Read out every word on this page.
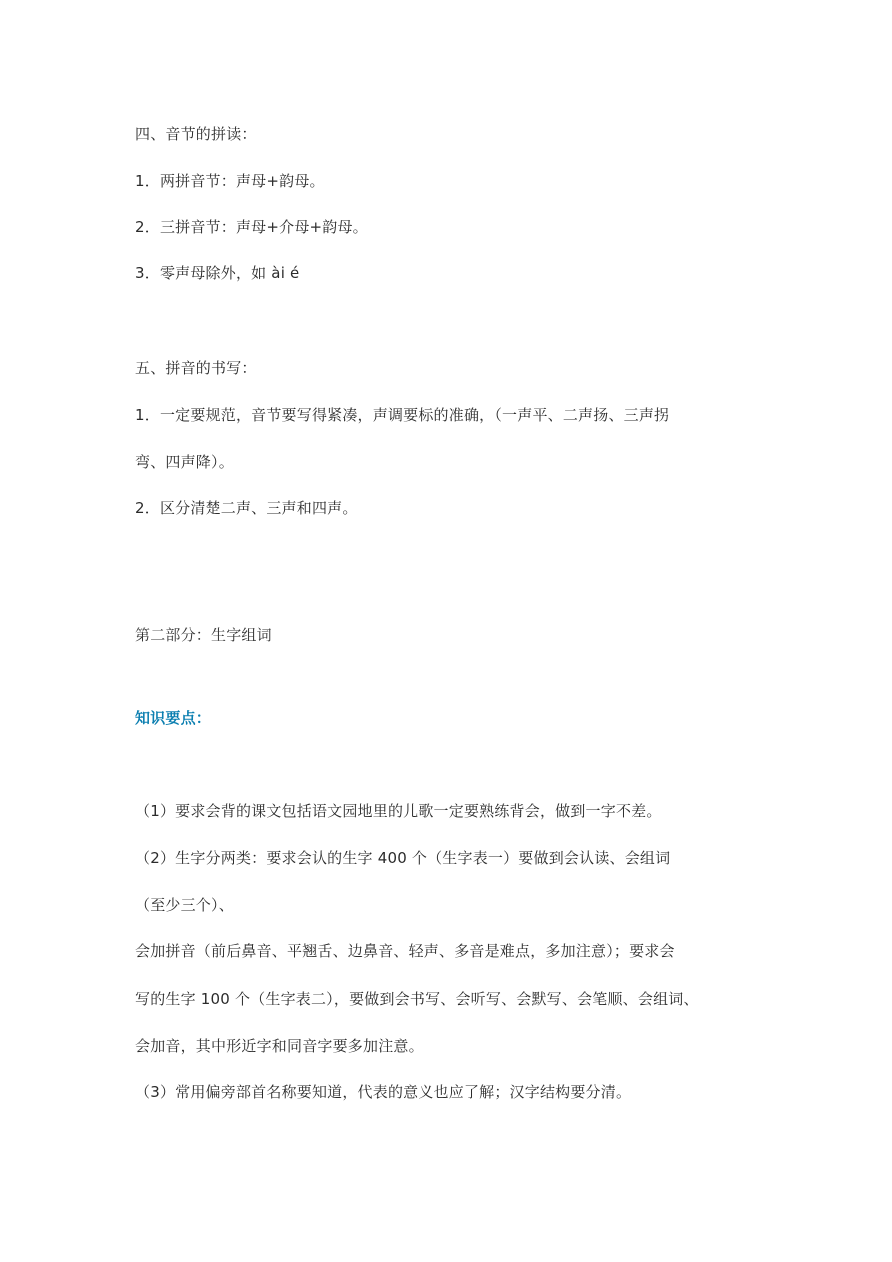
四、音节的拼读：
1．两拼音节：声母+韵母。
2．三拼音节：声母+介母+韵母。
3．零声母除外，如 ài é
五、拼音的书写：
1．一定要规范，音节要写得紧凑，声调要标的准确，（一声平、二声扬、三声拐
弯、四声降）。
2．区分清楚二声、三声和四声。
第二部分：生字组词
知识要点：
（1）要求会背的课文包括语文园地里的儿歌一定要熟练背会，做到一字不差。
（2）生字分两类：要求会认的生字 400 个（生字表一）要做到会认读、会组词
（至少三个）、
会加拼音（前后鼻音、平翘舌、边鼻音、轻声、多音是难点，多加注意）；要求会
写的生字 100 个（生字表二），要做到会书写、会听写、会默写、会笔顺、会组词、
会加音，其中形近字和同音字要多加注意。
（3）常用偏旁部首名称要知道，代表的意义也应了解；汉字结构要分清。
